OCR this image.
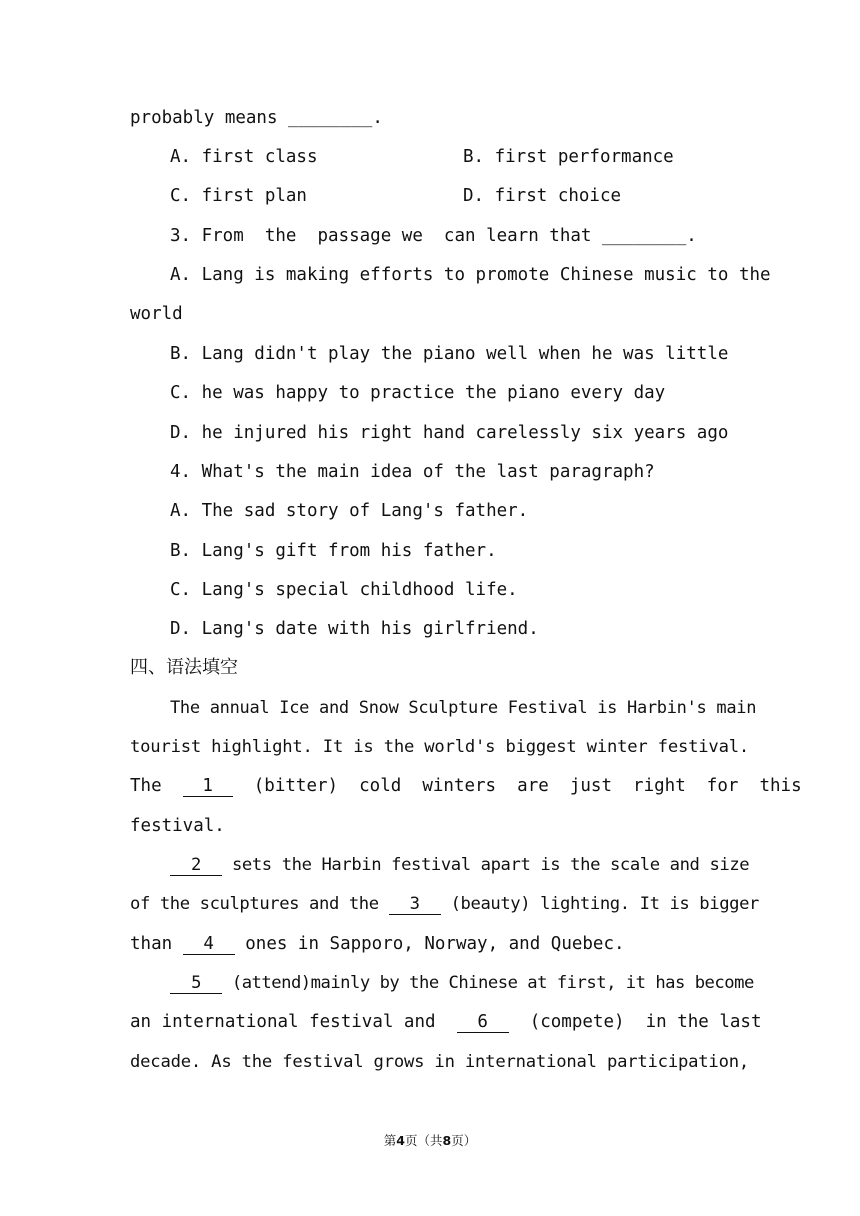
probably means ________.
A. first class	B. first performance
C. first plan	D. first choice
3. From  the  passage we  can learn that ________.
A. Lang is making efforts to promote Chinese music to the
world
B. Lang didn't play the piano well when he was little
C. he was happy to practice the piano every day
D. he injured his right hand carelessly six years ago
4. What's the main idea of the last paragraph?
A. The sad story of Lang's father.
B. Lang's gift from his father.
C. Lang's special childhood life.
D. Lang's date with his girlfriend.
四、语法填空
The annual Ice and Snow Sculpture Festival is Harbin's main
tourist highlight. It is the world's biggest winter festival.
The 1 (bitter)  cold  winters  are  just  right  for  this
festival.
2 sets the Harbin festival apart is the scale and size
of the sculptures and the 3 (beauty) lighting. It is bigger
than 4 ones in Sapporo, Norway, and Quebec.
5 (attend)mainly by the Chinese at first, it has become
an international festival and 6 (compete)  in the last
decade. As the festival grows in international participation,
第4页（共8页）
